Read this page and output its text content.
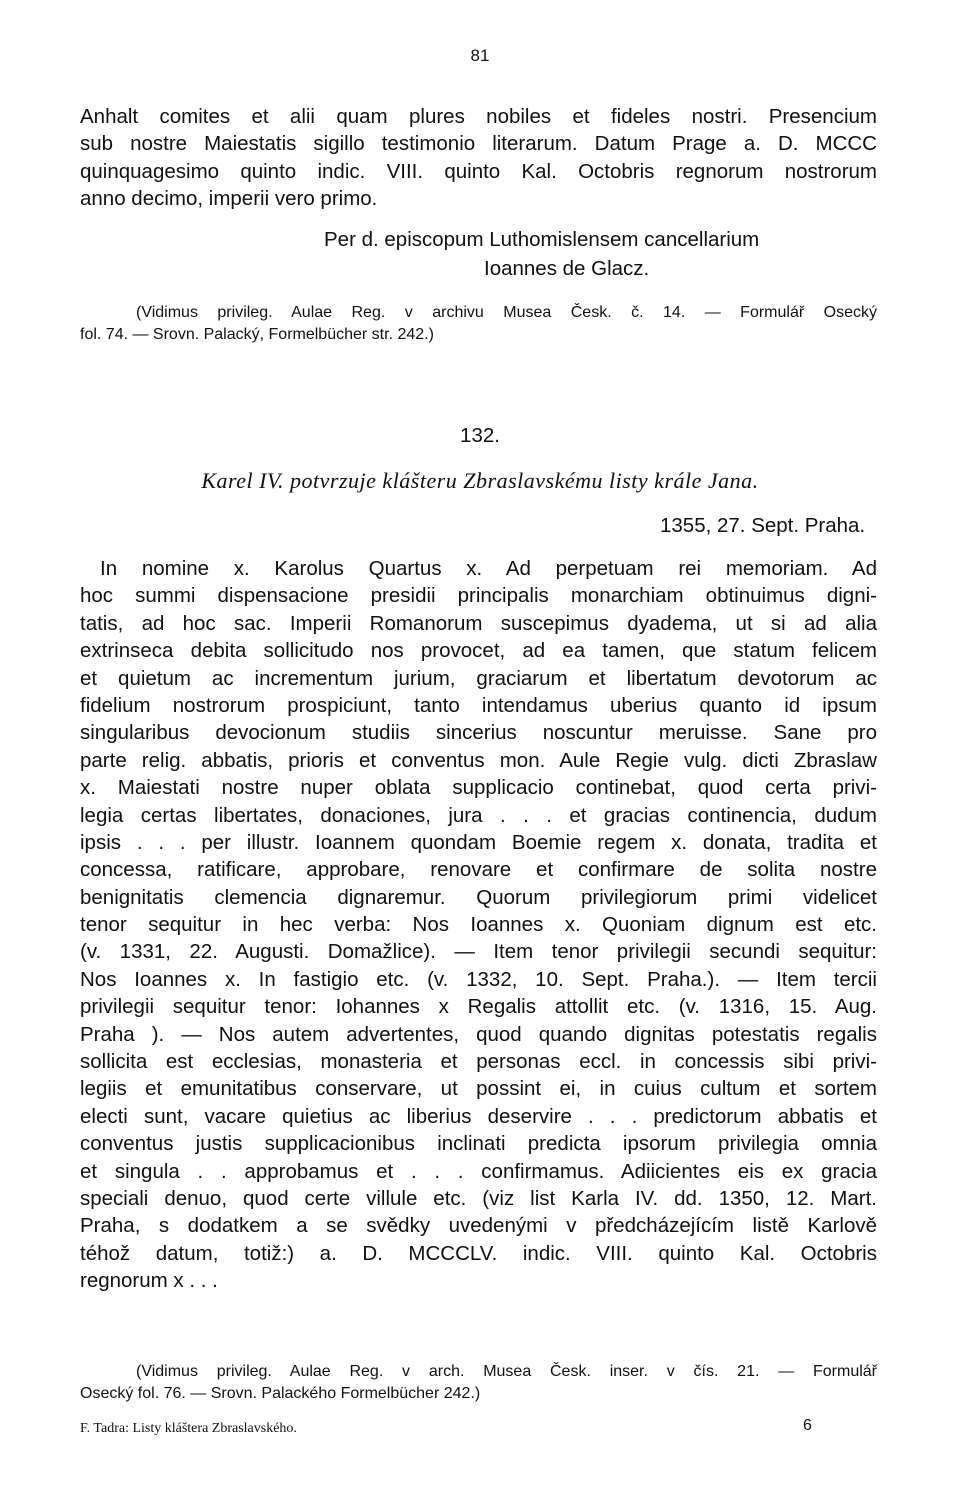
81
Anhalt comites et alii quam plures nobiles et fideles nostri. Presencium
sub nostre Maiestatis sigillo testimonio literarum. Datum Prage a. D. MCCC
quinquagesimo quinto indic. VIII. quinto Kal. Octobris regnorum nostrorum
anno decimo, imperii vero primo.
Per d. episcopum Luthomislensem cancellarium
Ioannes de Glacz.
(Vidimus privileg. Aulae Reg. v archivu Musea Česk. č. 14. — Formulář Osecký
fol. 74. — Srovn. Palacký, Formelbücher str. 242.)
132.
Karel IV. potvrzuje klášteru Zbraslavskému listy krále Jana.
1355, 27. Sept. Praha.
In nomine x. Karolus Quartus x. Ad perpetuam rei memoriam. Ad
hoc summi dispensacione presidii principalis monarchiam obtinuimus digni-
tatis, ad hoc sac. Imperii Romanorum suscepimus dyadema, ut si ad alia
extrinseca debita sollicitudo nos provocet, ad ea tamen, que statum felicem
et quietum ac incrementum jurium, graciarum et libertatum devotorum ac
fidelium nostrorum prospiciunt, tanto intendamus uberius quanto id ipsum
singularibus devocionum studiis sincerius noscuntur meruisse. Sane pro
parte relig. abbatis, prioris et conventus mon. Aule Regie vulg. dicti Zbraslaw
x. Maiestati nostre nuper oblata supplicacio continebat, quod certa privi-
legia certas libertates, donaciones, jura . . . et gracias continencia, dudum
ipsis . . . per illustr. Ioannem quondam Boemie regem x. donata, tradita et
concessa, ratificare, approbare, renovare et confirmare de solita nostre
benignitatis clemencia dignaremur. Quorum privilegiorum primi videlicet
tenor sequitur in hec verba: Nos Ioannes x. Quoniam dignum est etc.
(v. 1331, 22. Augusti. Domažlice). — Item tenor privilegii secundi sequitur:
Nos Ioannes x. In fastigio etc. (v. 1332, 10. Sept. Praha.). — Item tercii
privilegii sequitur tenor: Iohannes x Regalis attollit etc. (v. 1316, 15. Aug.
Praha ). — Nos autem advertentes, quod quando dignitas potestatis regalis
sollicita est ecclesias, monasteria et personas eccl. in concessis sibi privi-
legiis et emunitatibus conservare, ut possint ei, in cuius cultum et sortem
electi sunt, vacare quietius ac liberius deservire . . . predictorum abbatis et
conventus justis supplicacionibus inclinati predicta ipsorum privilegia omnia
et singula . . approbamus et . . . confirmamus. Adiicientes eis ex gracia
speciali denuo, quod certe villule etc. (viz list Karla IV. dd. 1350, 12. Mart.
Praha, s dodatkem a se svědky uvedenými v předcházejícím listě Karlově
téhož datum, totiž:) a. D. MCCCLV. indic. VIII. quinto Kal. Octobris
regnorum x . . .
(Vidimus privileg. Aulae Reg. v arch. Musea Česk. inser. v čís. 21. — Formulář
Osecký fol. 76. — Srovn. Palackého Formelbücher 242.)
F. Tadra: Listy kláštera Zbraslavského.	6
